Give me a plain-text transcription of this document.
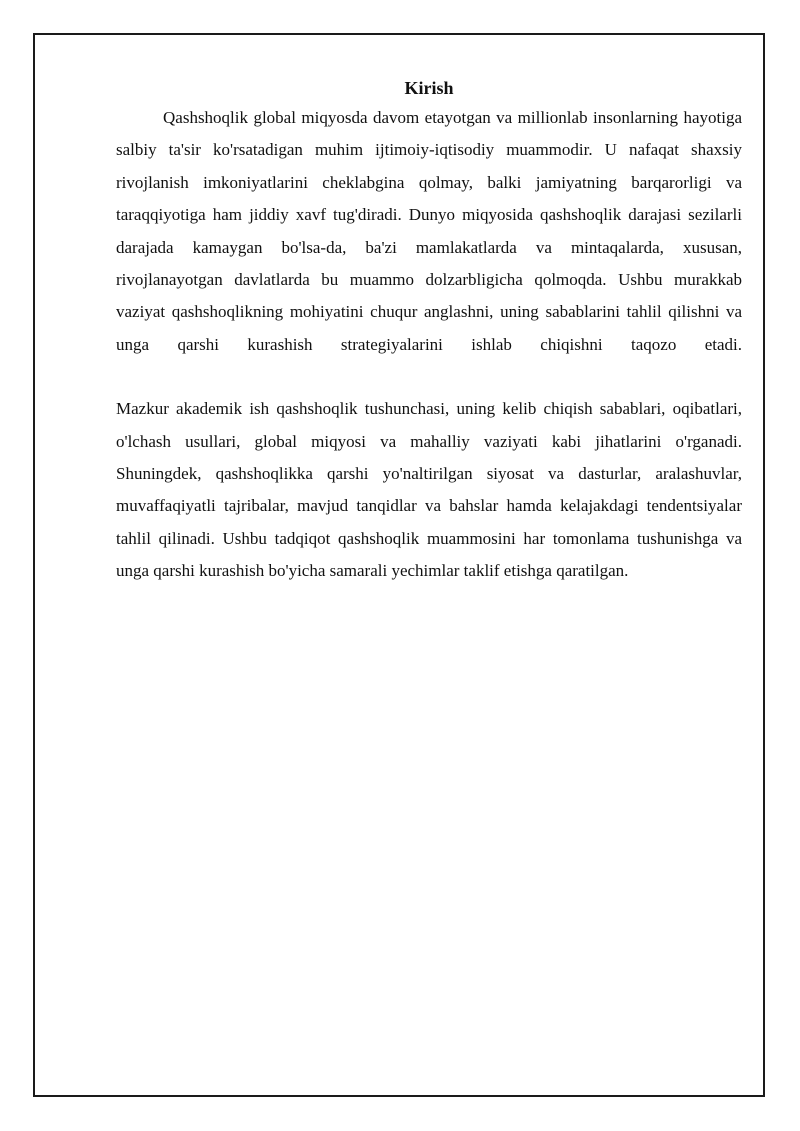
Kirish

Qashshoqlik global miqyosda davom etayotgan va millionlab insonlarning hayotiga salbiy ta'sir ko'rsatadigan muhim ijtimoiy-iqtisodiy muammodir. U nafaqat shaxsiy rivojlanish imkoniyatlarini cheklabgina qolmay, balki jamiyatning barqarorligi va taraqqiyotiga ham jiddiy xavf tug'diradi. Dunyo miqyosida qashshoqlik darajasi sezilarli darajada kamaygan bo'lsa-da, ba'zi mamlakatlarda va mintaqalarda, xususan, rivojlanayotgan davlatlarda bu muammo dolzarbligicha qolmoqda. Ushbu murakkab vaziyat qashshoqlikning mohiyatini chuqur anglashni, uning sabablarini tahlil qilishni va unga qarshi kurashish strategiyalarini ishlab chiqishni taqozo etadi.

Mazkur akademik ish qashshoqlik tushunchasi, uning kelib chiqish sabablari, oqibatlari, o'lchash usullari, global miqyosi va mahalliy vaziyati kabi jihatlarini o'rganadi. Shuningdek, qashshoqlikka qarshi yo'naltirilgan siyosat va dasturlar, aralashuvlar, muvaffaqiyatli tajribalar, mavjud tanqidlar va bahslar hamda kelajakdagi tendentsiyalar tahlil qilinadi. Ushbu tadqiqot qashshoqlik muammosini har tomonlama tushunishga va unga qarshi kurashish bo'yicha samarali yechimlar taklif etishga qaratilgan.
